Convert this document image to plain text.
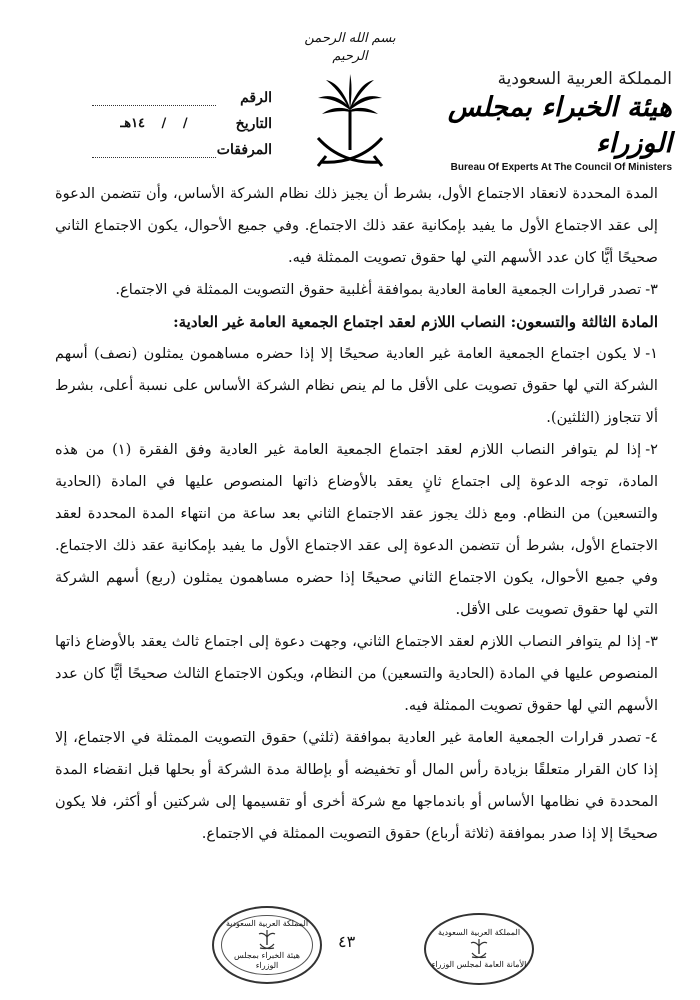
المملكة العربية السعودية
هيئة الخبراء بمجلس الوزراء
Bureau Of Experts At The Council Of Ministers
بسم الله الرحمن الرحيم
الرقم
التاريخ
/ / ١٤هـ
المرفقات

المدة المحددة لانعقاد الاجتماع الأول، بشرط أن يجيز ذلك نظام الشركة الأساس، وأن تتضمن الدعوة إلى عقد الاجتماع الأول ما يفيد بإمكانية عقد ذلك الاجتماع. وفي جميع الأحوال، يكون الاجتماع الثاني صحيحًا أيًّا كان عدد الأسهم التي لها حقوق تصويت الممثلة فيه.

٣-تصدر قرارات الجمعية العامة العادية بموافقة أغلبية حقوق التصويت الممثلة في الاجتماع.

المادة الثالثة والتسعون: النصاب اللازم لعقد اجتماع الجمعية العامة غير العادية:

١-لا يكون اجتماع الجمعية العامة غير العادية صحيحًا إلا إذا حضره مساهمون يمثلون (نصف) أسهم الشركة التي لها حقوق تصويت على الأقل ما لم ينص نظام الشركة الأساس على نسبة أعلى، بشرط ألا تتجاوز (الثلثين).

٢-إذا لم يتوافر النصاب اللازم لعقد اجتماع الجمعية العامة غير العادية وفق الفقرة (١) من هذه المادة، توجه الدعوة إلى اجتماع ثانٍ يعقد بالأوضاع ذاتها المنصوص عليها في المادة (الحادية والتسعين) من النظام. ومع ذلك يجوز عقد الاجتماع الثاني بعد ساعة من انتهاء المدة المحددة لعقد الاجتماع الأول، بشرط أن تتضمن الدعوة إلى عقد الاجتماع الأول ما يفيد بإمكانية عقد ذلك الاجتماع. وفي جميع الأحوال، يكون الاجتماع الثاني صحيحًا إذا حضره مساهمون يمثلون (ربع) أسهم الشركة التي لها حقوق تصويت على الأقل.

٣-إذا لم يتوافر النصاب اللازم لعقد الاجتماع الثاني، وجهت دعوة إلى اجتماع ثالث يعقد بالأوضاع ذاتها المنصوص عليها في المادة (الحادية والتسعين) من النظام، ويكون الاجتماع الثالث صحيحًا أيًّا كان عدد الأسهم التي لها حقوق تصويت الممثلة فيه.

٤-تصدر قرارات الجمعية العامة غير العادية بموافقة (ثلثي) حقوق التصويت الممثلة في الاجتماع، إلا إذا كان القرار متعلقًا بزيادة رأس المال أو تخفيضه أو بإطالة مدة الشركة أو بحلها قبل انقضاء المدة المحددة في نظامها الأساس أو باندماجها مع شركة أخرى أو تقسيمها إلى شركتين أو أكثر، فلا يكون صحيحًا إلا إذا صدر بموافقة (ثلاثة أرباع) حقوق التصويت الممثلة في الاجتماع.

المملكة العربية السعودية
هيئة الخبراء بمجلس الوزراء
٤٣	المملكة العربية السعودية
الأمانة العامة لمجلس الوزراء
